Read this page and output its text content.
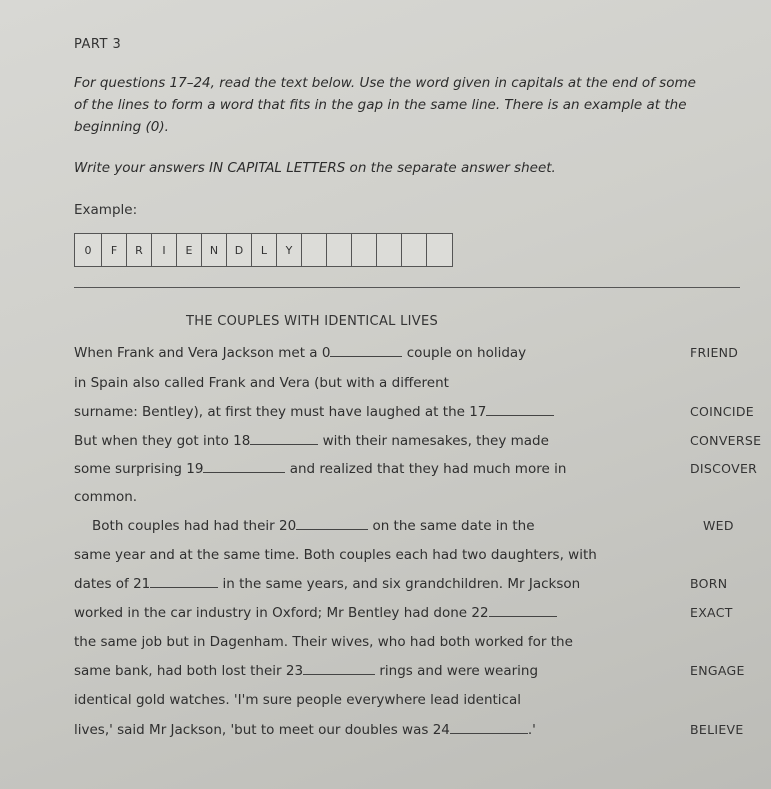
PART 3
For questions 17–24, read the text below. Use the word given in capitals at the end of some
of the lines to form a word that fits in the gap in the same line. There is an example at the
beginning (0).
Write your answers IN CAPITAL LETTERS on the separate answer sheet.
Example:
0	F	R	I	E	N	D	L	Y
THE COUPLES WITH IDENTICAL LIVES
When Frank and Vera Jackson met a 0	couple on holiday	FRIEND
in Spain also called Frank and Vera (but with a different
surname: Bentley), at first they must have laughed at the 17	COINCIDE
But when they got into 18	with their namesakes, they made	CONVERSE
some surprising 19	and realized that they had much more in	DISCOVER
common.
Both couples had had their 20	on the same date in the	WED
same year and at the same time. Both couples each had two daughters, with
dates of 21	in the same years, and six grandchildren. Mr Jackson	BORN
worked in the car industry in Oxford; Mr Bentley had done 22	EXACT
the same job but in Dagenham. Their wives, who had both worked for the
same bank, had both lost their 23	rings and were wearing	ENGAGE
identical gold watches. 'I'm sure people everywhere lead identical
lives,' said Mr Jackson, 'but to meet our doubles was 24	.'	BELIEVE
